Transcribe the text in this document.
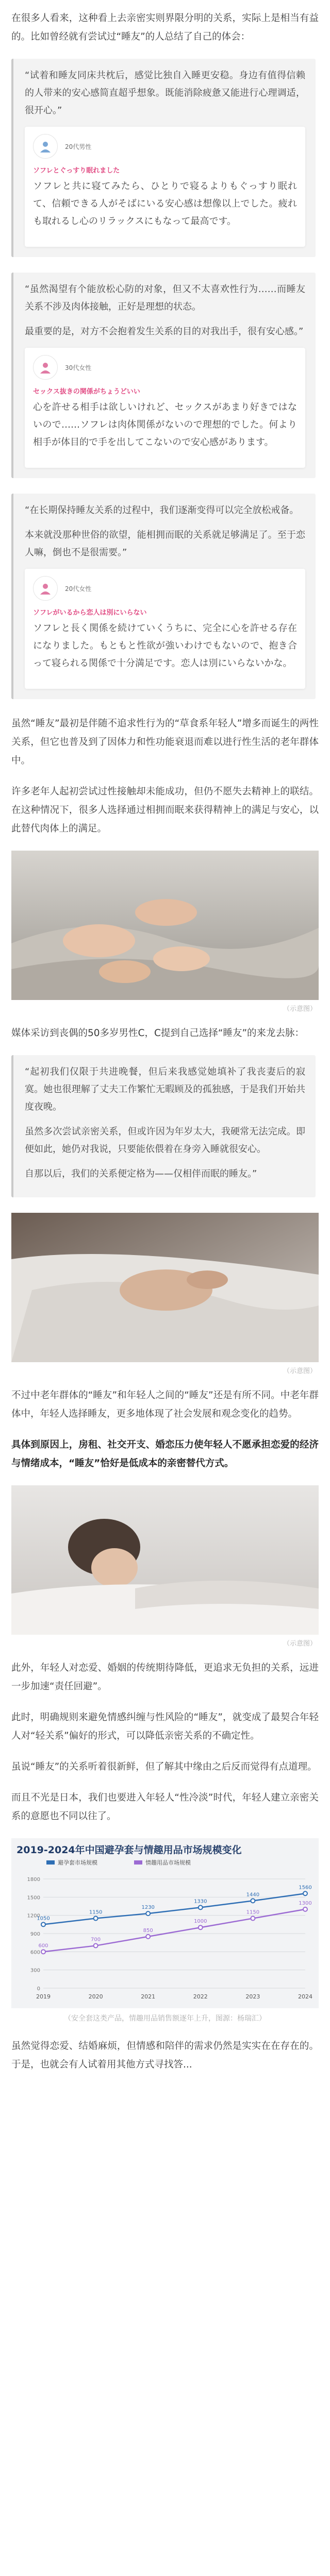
在很多人看来，这种看上去亲密实则界限分明的关系，实际上是相当有益的。比如曾经就有尝试过“睡友”的人总结了自己的体会：

“试着和睡友同床共枕后，感觉比独自入睡更安稳。身边有值得信赖的人带来的安心感简直超乎想象。既能消除疲惫又能进行心理调适，很开心。”

20代男性
ソフレとぐっすり眠れました

ソフレと共に寝てみたら、ひとりで寝るよりもぐっすり眠れて、信頼できる人がそばにいる安心感は想像以上でした。疲れも取れるし心のリラックスにもなって最高です。

“虽然渴望有个能放松心防的对象，但又不太喜欢性行为……而睡友关系不涉及肉体接触，正好是理想的状态。

最重要的是，对方不会抱着发生关系的目的对我出手，很有安心感。”

30代女性
セックス抜きの関係がちょうどいい

心を許せる相手は欲しいけれど、セックスがあまり好きではないので……ソフレは肉体関係がないので理想的でした。何より相手が体目的で手を出してこないので安心感があります。

“在长期保持睡友关系的过程中，我们逐渐变得可以完全放松戒备。

本来就没那种世俗的欲望，能相拥而眠的关系就足够满足了。至于恋人嘛，倒也不是很需要。”

20代女性
ソフレがいるから恋人は別にいらない

ソフレと長く関係を続けていくうちに、完全に心を許せる存在になりました。もともと性欲が強いわけでもないので、抱き合って寝られる関係で十分満足です。恋人は別にいらないかな。

虽然“睡友”最初是伴随不追求性行为的“草食系年轻人”增多而诞生的两性关系，但它也普及到了因体力和性功能衰退而难以进行性生活的老年群体中。

许多老年人起初尝试过性接触却未能成功，但仍不愿失去精神上的联结。在这种情况下，很多人选择通过相拥而眠来获得精神上的满足与安心，以此替代肉体上的满足。

（示意图）

媒体采访到丧偶的50多岁男性C，C提到自己选择“睡友”的来龙去脉：

“起初我们仅限于共进晚餐，但后来我感觉她填补了我丧妻后的寂寞。她也很理解了丈夫工作繁忙无暇顾及的孤独感，于是我们开始共度夜晚。

虽然多次尝试亲密关系，但或许因为年岁太大，我硬常无法完成。即便如此，她仍对我说，只要能依偎着在身旁入睡就很安心。

自那以后，我们的关系便定格为——仅相伴而眠的睡友。”

（示意图）

不过中老年群体的“睡友”和年轻人之间的“睡友”还是有所不同。中老年群体中，年轻人选择睡友，更多地体现了社会发展和观念变化的趋势。

具体到原因上，房租、社交开支、婚恋压力使年轻人不愿承担恋爱的经济与情绪成本，“睡友”恰好是低成本的亲密替代方式。

（示意图）

此外，年轻人对恋爱、婚姻的传统期待降低，更追求无负担的关系，远进一步加速“责任回避”。

此时，明确规则来避免情感纠缠与性风险的“睡友”，就变成了最契合年轻人对“轻关系”偏好的形式，可以降低亲密关系的不确定性。

虽说“睡友”的关系听着很新鲜，但了解其中缘由之后反而觉得有点道理。

而且不光是日本，我们也要进入年轻人“性冷淡”时代，年轻人建立亲密关系的意愿也不同以往了。

2019-2024年中国避孕套与情趣用品市场规模变化
0
300
600
900
1200
1500
1800
2019	2020	2021	2022	2023	2024
避孕套市场规模	情趣用品市场规模
1050
1150
1230
1330
1440
1560
600
700
850
1000
1150
1300
（安全套这类产品，情趣用品销售额逐年上升，图源：杨瑞汇）

虽然觉得恋爱、结婚麻烦，但情感和陪伴的需求仍然是实实在在存在的。于是，也就会有人试着用其他方式寻找答...
